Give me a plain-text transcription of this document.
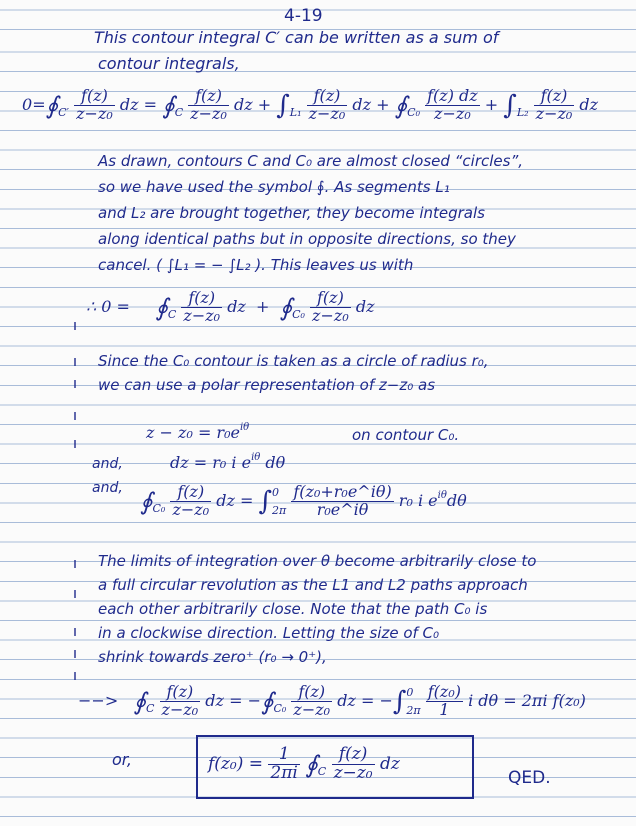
4-19
This contour integral C′ can be written as a sum of
contour integrals,
$0=∮_{C'} \frac{f(z)}{\text{z−z₀}}$ dz = $∮_C \frac{f(z)}{\text{z−z₀}}$ dz + $\int_{L_1} \frac{f(z)}{\text{z−z₀}}$ dz + $∮_{C_0} \frac{f(z) dz}{\text{z−z₀}} + \int_{L_2} \frac{f(z)}{\text{z−z₀}}$ dz
As drawn, contours C and C₀ are almost closed “circles”,
so we have used the symbol ∮. As segments L₁
and L₂ are brought together, they become integrals
along identical paths but in opposite directions, so they
cancel. ( ∫L₁ = − ∫L₂ ). This leaves us with
∴ $0 = ∮_C \frac{f(z)}{\text{z−z₀}}$ dz + $∮_{C_0} \frac{f(z)}{\text{z−z₀}}$ dz
Since the C₀ contour is taken as a circle of radius r₀,
we can use a polar representation of z−z₀ as
$z - z_0 = r_0e^{i\theta}$	on contour C₀.
and,	dz = r₀ i $e^{i\theta}$ dθ
and, $∮_{C_0} \frac{f(z)}{\text{z−z₀}}$ dz = ∫ 0
2π
$\frac{\text{f(z₀+r₀e\textasciicircum{}iθ)}}{\text{r₀e\textasciicircum{}iθ}} r_0$ i $e^{i\theta}d\theta$
The limits of integration over θ become arbitrarily close to
a full circular revolution as the L1 and L2 paths approach
each other arbitrarily close. Note that the path C₀ is
in a clockwise direction. Letting the size of C₀
shrink towards zero⁺ (r₀ → 0⁺),
−−> $∮_C \frac{f(z)}{\text{z−z₀}}$ dz = $-∮_{C_0} \frac{f(z)}{\text{z−z₀}}$ dz = −∫ 0
2π
$\frac{\text{f(z₀)}}{1}$ i dθ = 2πi f(z₀)
or,	$f(z_0) = \frac{1}{2\pi i}$ $∮_C \frac{f(z)}{\text{z−z₀}}$ dz
QED.
